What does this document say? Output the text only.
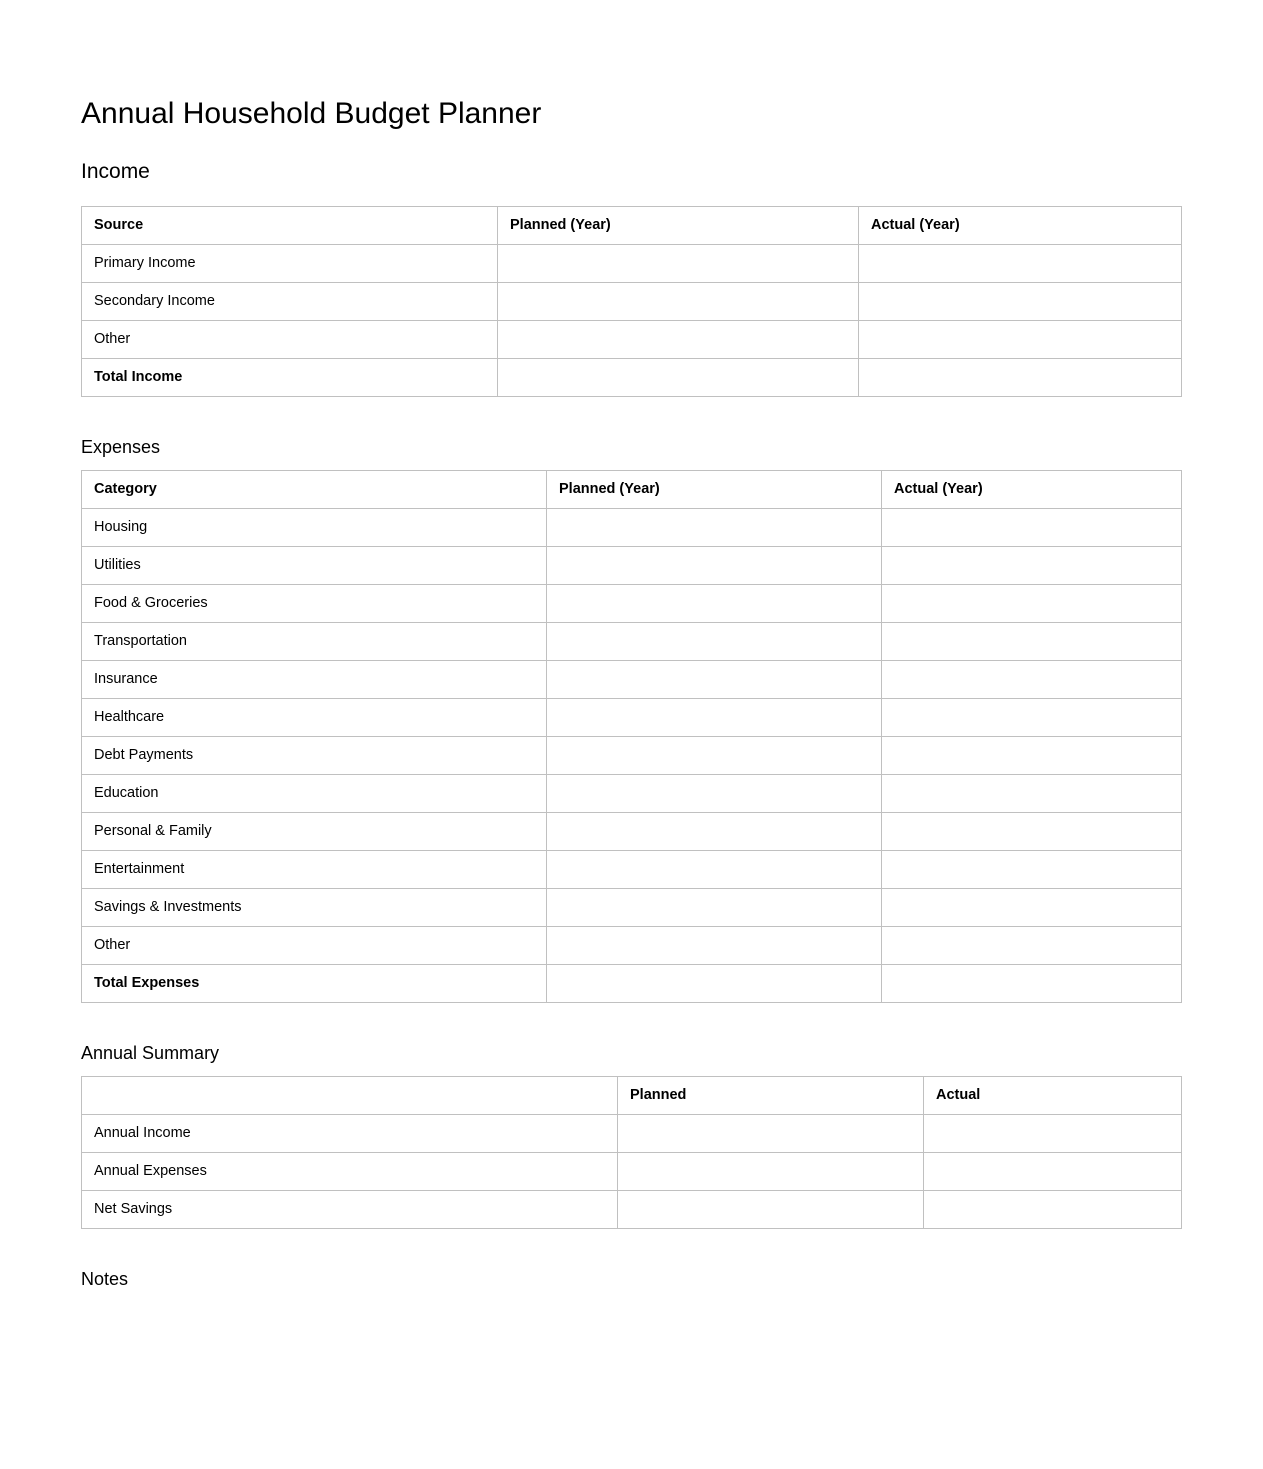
Annual Household Budget Planner
Income
Source	Planned (Year)	Actual (Year)
Primary Income		
Secondary Income		
Other		
Total Income		
Expenses
Category	Planned (Year)	Actual (Year)
Housing		
Utilities		
Food & Groceries		
Transportation		
Insurance		
Healthcare		
Debt Payments		
Education		
Personal & Family		
Entertainment		
Savings & Investments		
Other		
Total Expenses		
Annual Summary
	Planned	Actual
Annual Income		
Annual Expenses		
Net Savings		
Notes
